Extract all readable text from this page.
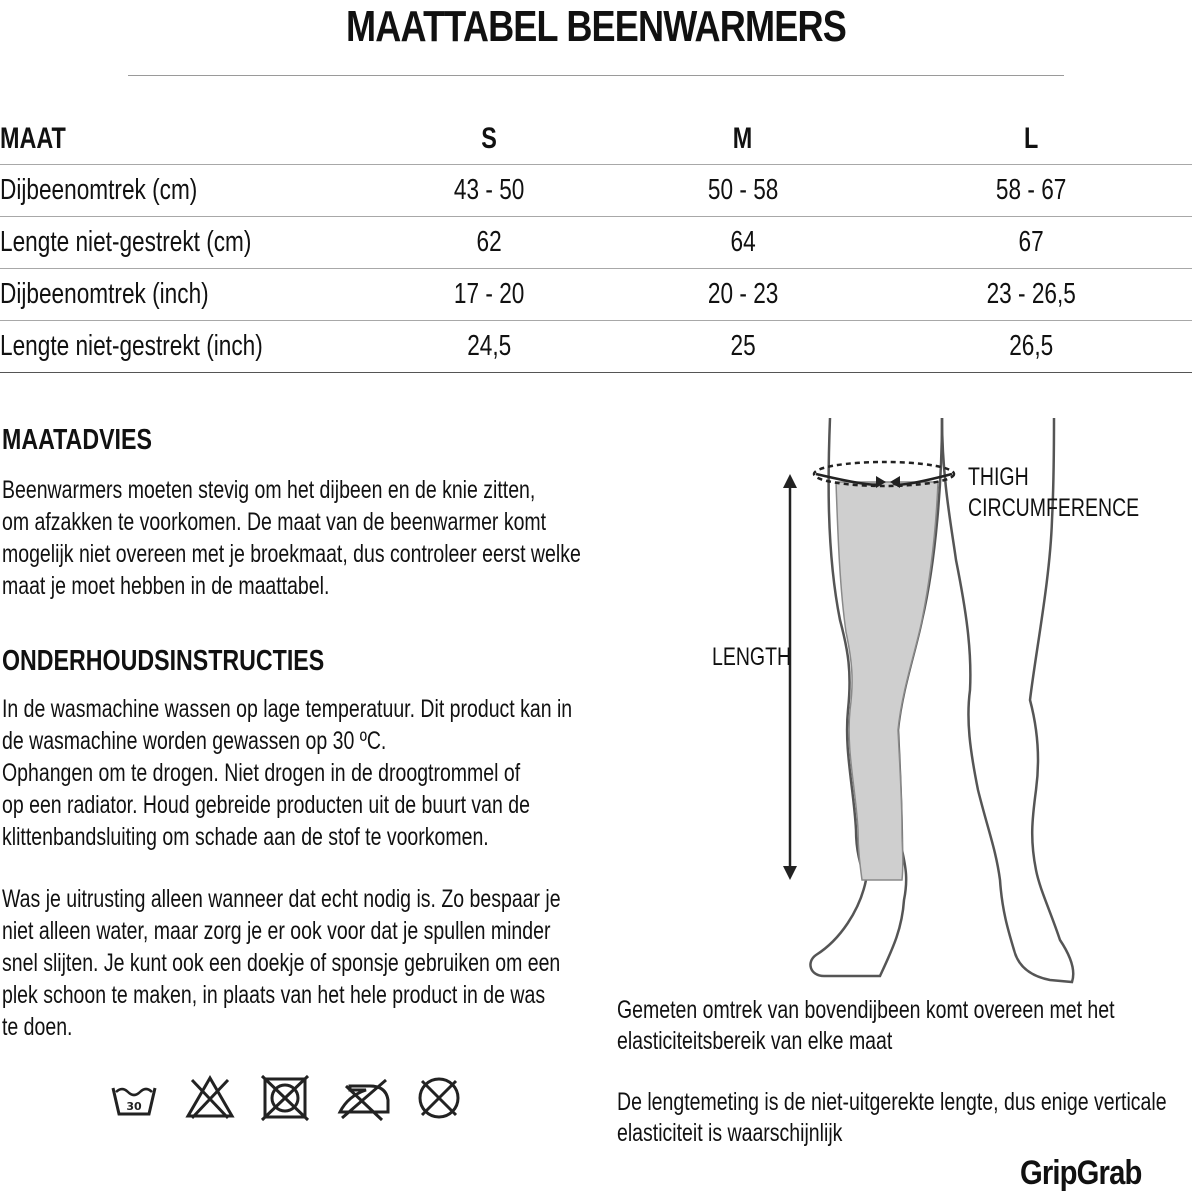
MAATTABEL BEENWARMERS
MAAT	S	M	L
Dijbeenomtrek (cm)	43 - 50	50 - 58	58 - 67
Lengte niet-gestrekt (cm)	62	64	67
Dijbeenomtrek (inch)	17 - 20	20 - 23	23 - 26,5
Lengte niet-gestrekt (inch)	24,5	25	26,5
MAATADVIES
Beenwarmers moeten stevig om het dijbeen en de knie zitten,
om afzakken te voorkomen. De maat van de beenwarmer komt
mogelijk niet overeen met je broekmaat, dus controleer eerst welke
maat je moet hebben in de maattabel.
ONDERHOUDSINSTRUCTIES
In de wasmachine wassen op lage temperatuur. Dit product kan in
de wasmachine worden gewassen op 30 ºC.
Ophangen om te drogen. Niet drogen in de droogtrommel of
op een radiator. Houd gebreide producten uit de buurt van de
klittenbandsluiting om schade aan de stof te voorkomen.
Was je uitrusting alleen wanneer dat echt nodig is. Zo bespaar je
niet alleen water, maar zorg je er ook voor dat je spullen minder
snel slijten. Je kunt ook een doekje of sponsje gebruiken om een
plek schoon te maken, in plaats van het hele product in de was
te doen.
30
THIGH
CIRCUMFERENCE
LENGTH
Gemeten omtrek van bovendijbeen komt overeen met het
elasticiteitsbereik van elke maat
De lengtemeting is de niet-uitgerekte lengte, dus enige verticale
elasticiteit is waarschijnlijk
GripGrab
